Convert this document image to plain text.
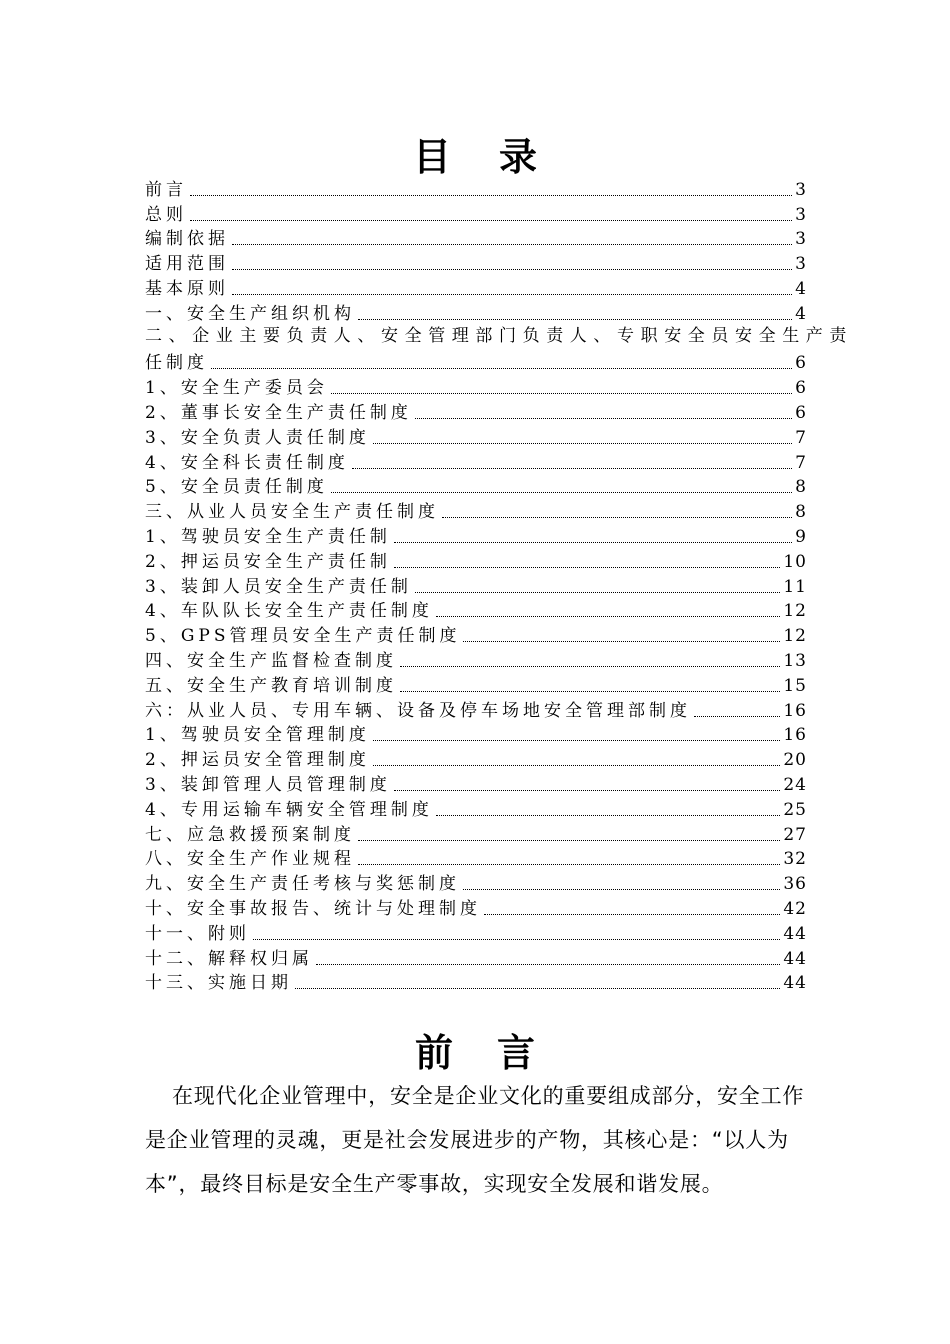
目录
前言	3
总则	3
编制依据	3
适用范围	3
基本原则	4
一、安全生产组织机构	4
二、企业主要负责人、安全管理部门负责人、专职安全员安全生产责
任制度	6
1、安全生产委员会	6
2、董事长安全生产责任制度	6
3、安全负责人责任制度	7
4、安全科长责任制度	7
5、安全员责任制度	8
三、从业人员安全生产责任制度	8
1、驾驶员安全生产责任制	9
2、押运员安全生产责任制	10
3、装卸人员安全生产责任制	11
4、车队队长安全生产责任制度	12
5、GPS管理员安全生产责任制度	12
四、安全生产监督检查制度	13
五、安全生产教育培训制度	15
六：从业人员、专用车辆、设备及停车场地安全管理部制度	16
1、驾驶员安全管理制度	16
2、押运员安全管理制度	20
3、装卸管理人员管理制度	24
4、专用运输车辆安全管理制度	25
七、应急救援预案制度	27
八、安全生产作业规程	32
九、安全生产责任考核与奖惩制度	36
十、安全事故报告、统计与处理制度	42
十一、附则	44
十二、解释权归属	44
十三、实施日期	44
前言
在现代化企业管理中，安全是企业文化的重要组成部分，安全工作是企业管理的灵魂，更是社会发展进步的产物，其核心是：“以人为本”，最终目标是安全生产零事故，实现安全发展和谐发展。
